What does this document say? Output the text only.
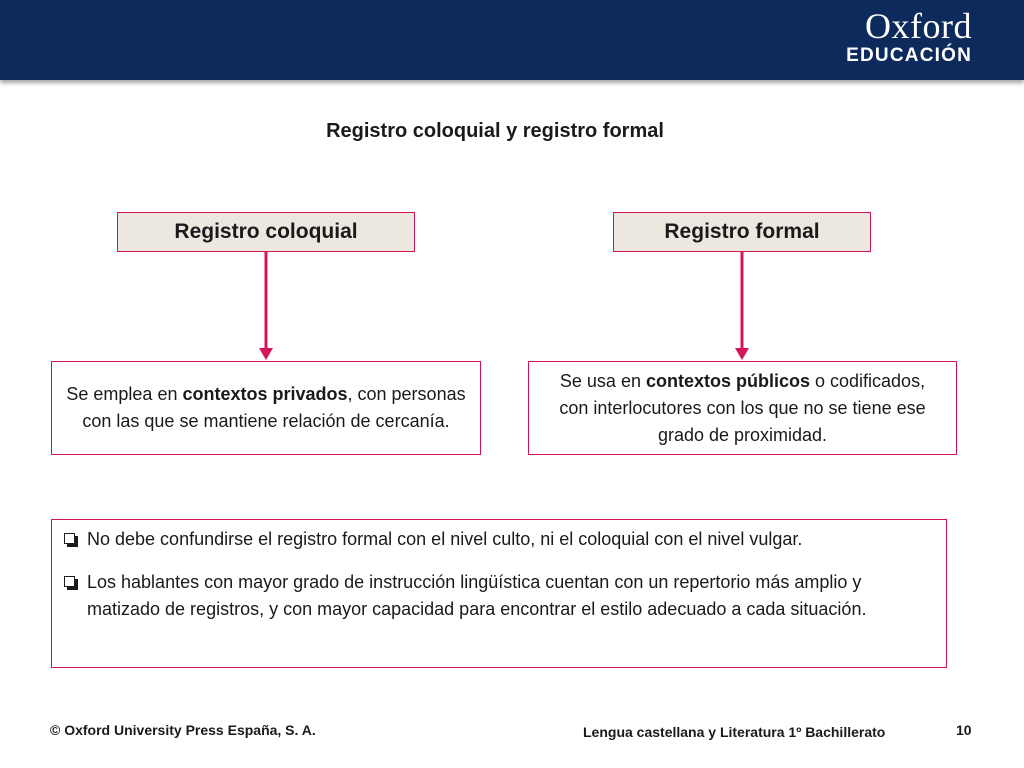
Oxford
EDUCACIÓN
Registro coloquial y registro formal
Registro coloquial	Registro formal
Se emplea en contextos privados, con personas con las que se mantiene relación de cercanía.
Se usa en contextos públicos o codificados, con interlocutores con los que no se tiene ese grado de proximidad.
No debe confundirse el registro formal con el nivel culto, ni el coloquial con el nivel vulgar.
Los hablantes con mayor grado de instrucción lingüística cuentan con un repertorio más amplio y matizado de registros, y con mayor capacidad para encontrar el estilo adecuado a cada situación.
© Oxford University Press España, S. A.	Lengua castellana y Literatura 1º Bachillerato	10
